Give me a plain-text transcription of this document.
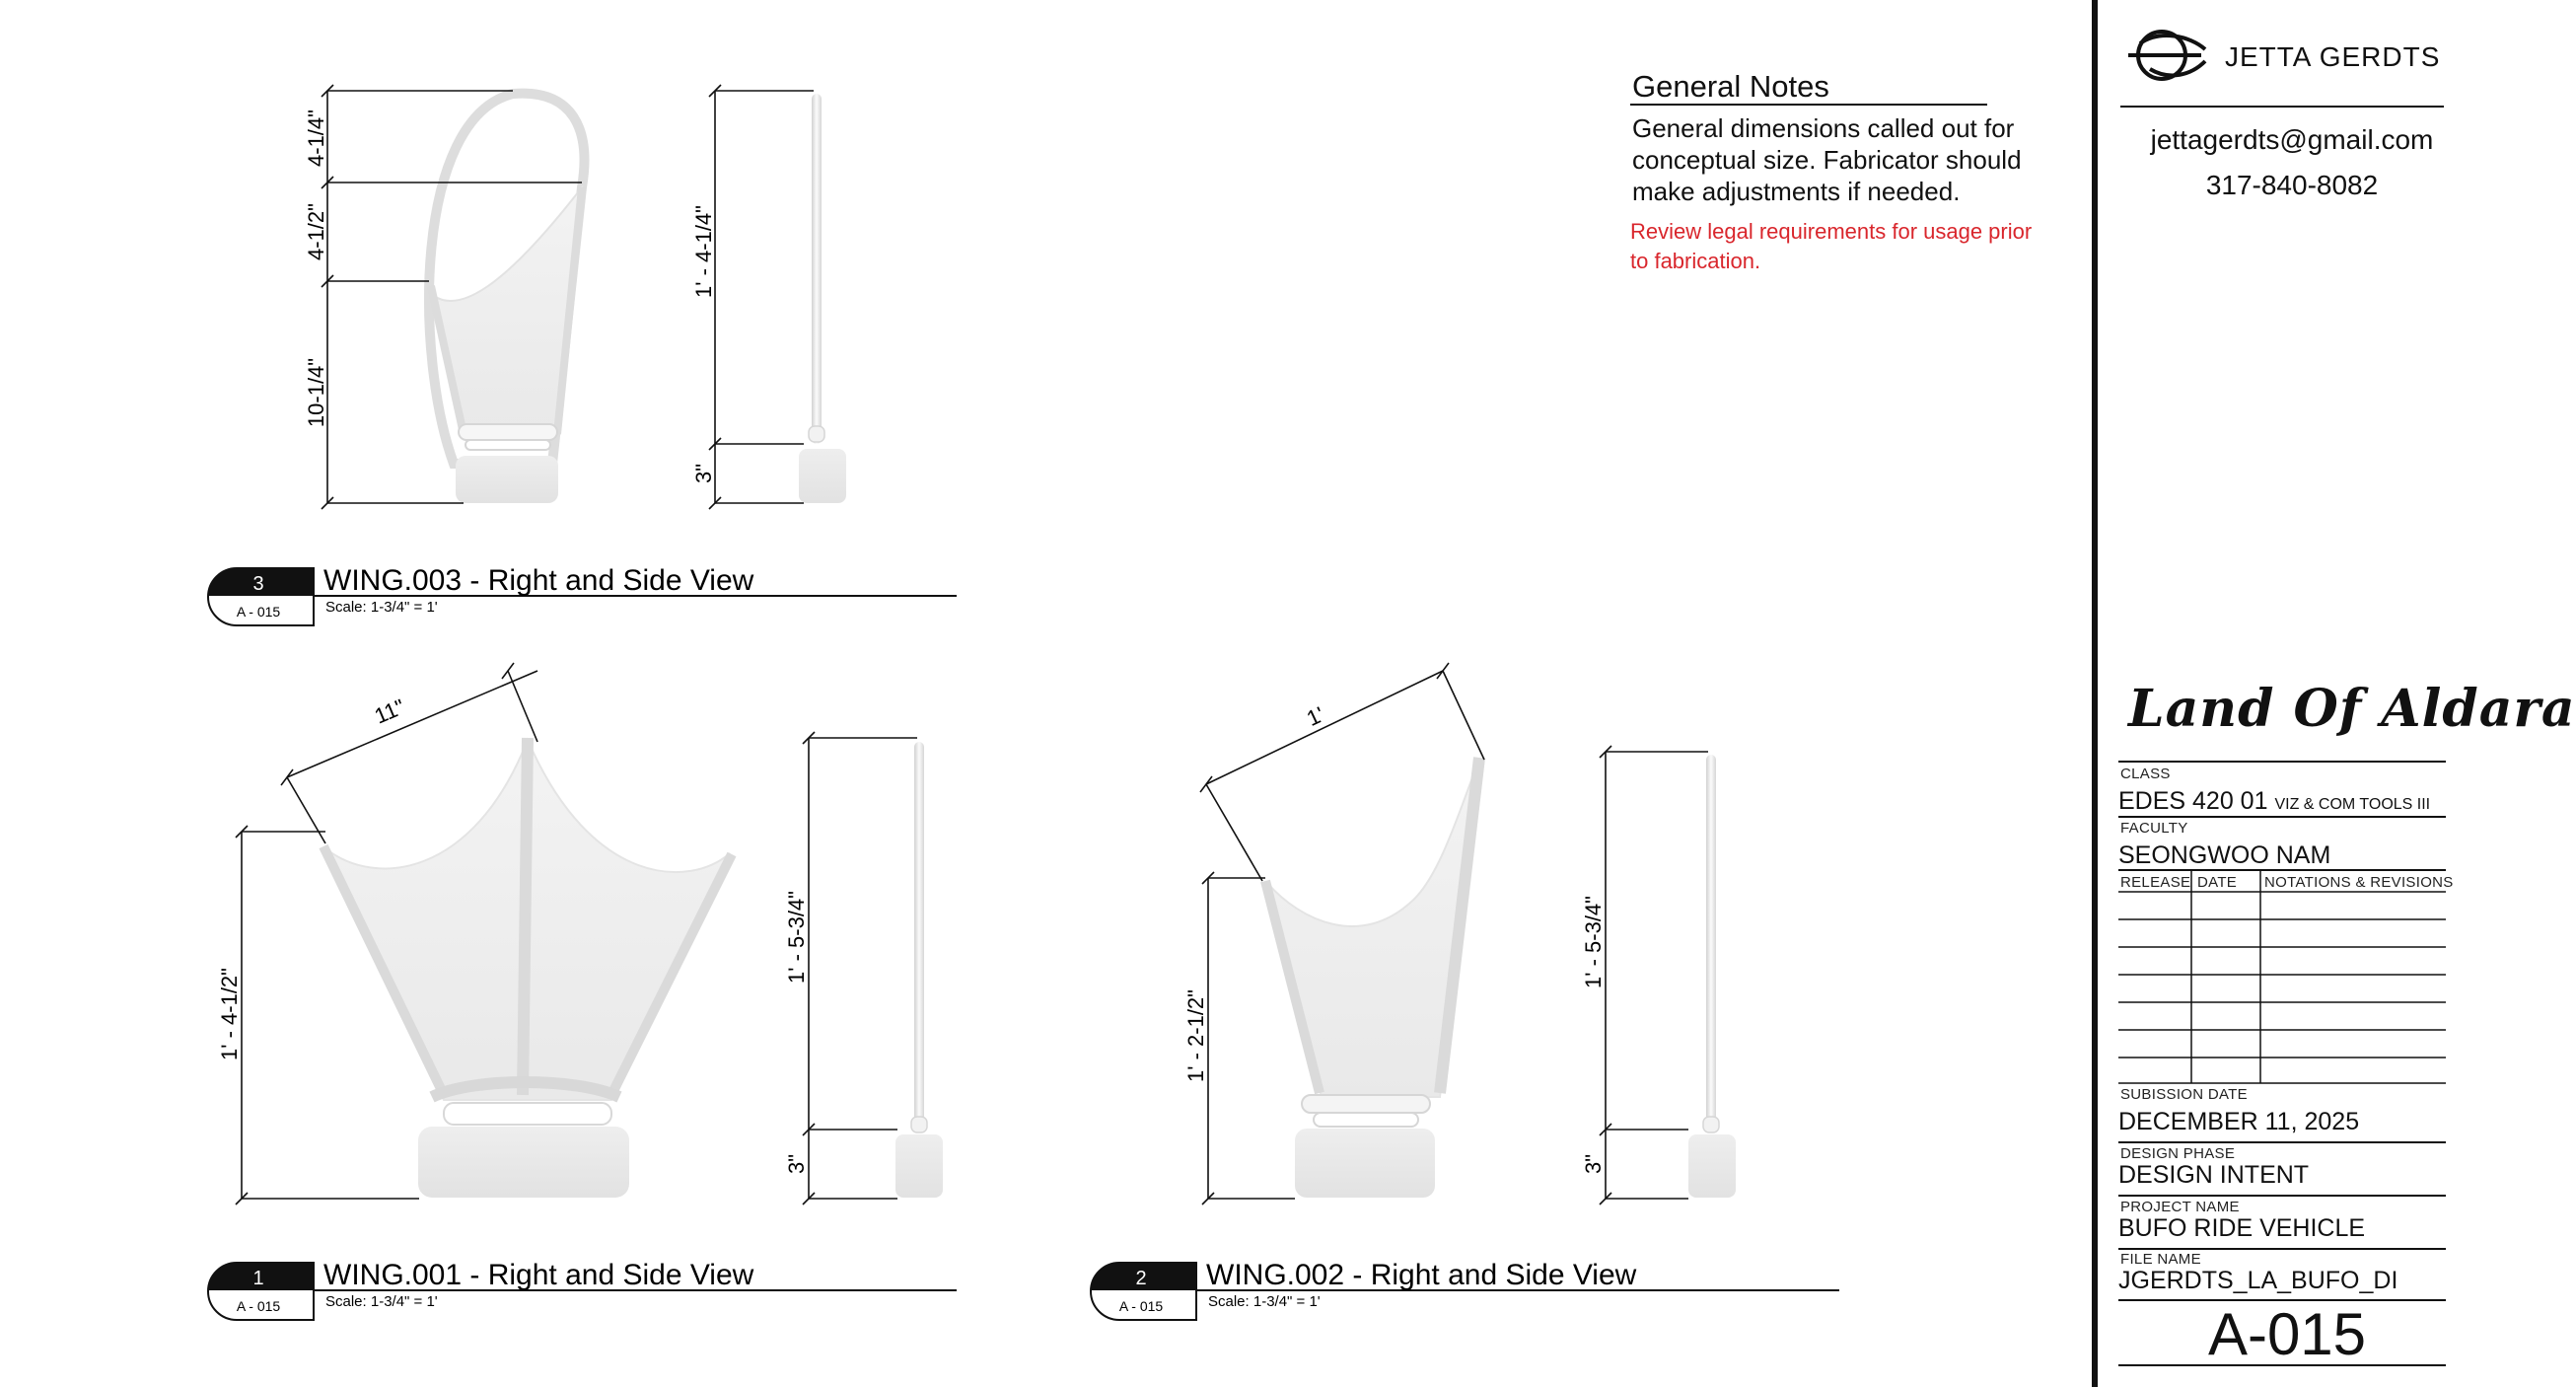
4-1/4"
4-1/2"
10-1/4"
1' - 4-1/4"
3"
11"
1' - 4-1/2"
1' - 5-3/4"
3"
1'
1' - 2-1/2"
1' - 5-3/4"
3"
3
A - 015
WING.003 - Right and Side View
Scale: 1-3/4" = 1'
1
A - 015
WING.001 - Right and Side View
Scale: 1-3/4" = 1'
2
A - 015
WING.002 - Right and Side View
Scale: 1-3/4" = 1'
General Notes
General dimensions called out for conceptual size. Fabricator should make adjustments if needed.
Review legal requirements for usage prior to fabrication.
JETTA GERDTS
jettagerdts@gmail.com
317-840-8082
Land Of Aldara
CLASS
EDES 420 01 VIZ & COM TOOLS III
FACULTY
SEONGWOO NAM
RELEASE DATE NOTATIONS & REVISIONS
SUBISSION DATE
DECEMBER 11, 2025
DESIGN PHASE
DESIGN INTENT
PROJECT NAME
BUFO RIDE VEHICLE
FILE NAME
JGERDTS_LA_BUFO_DI
A-015
